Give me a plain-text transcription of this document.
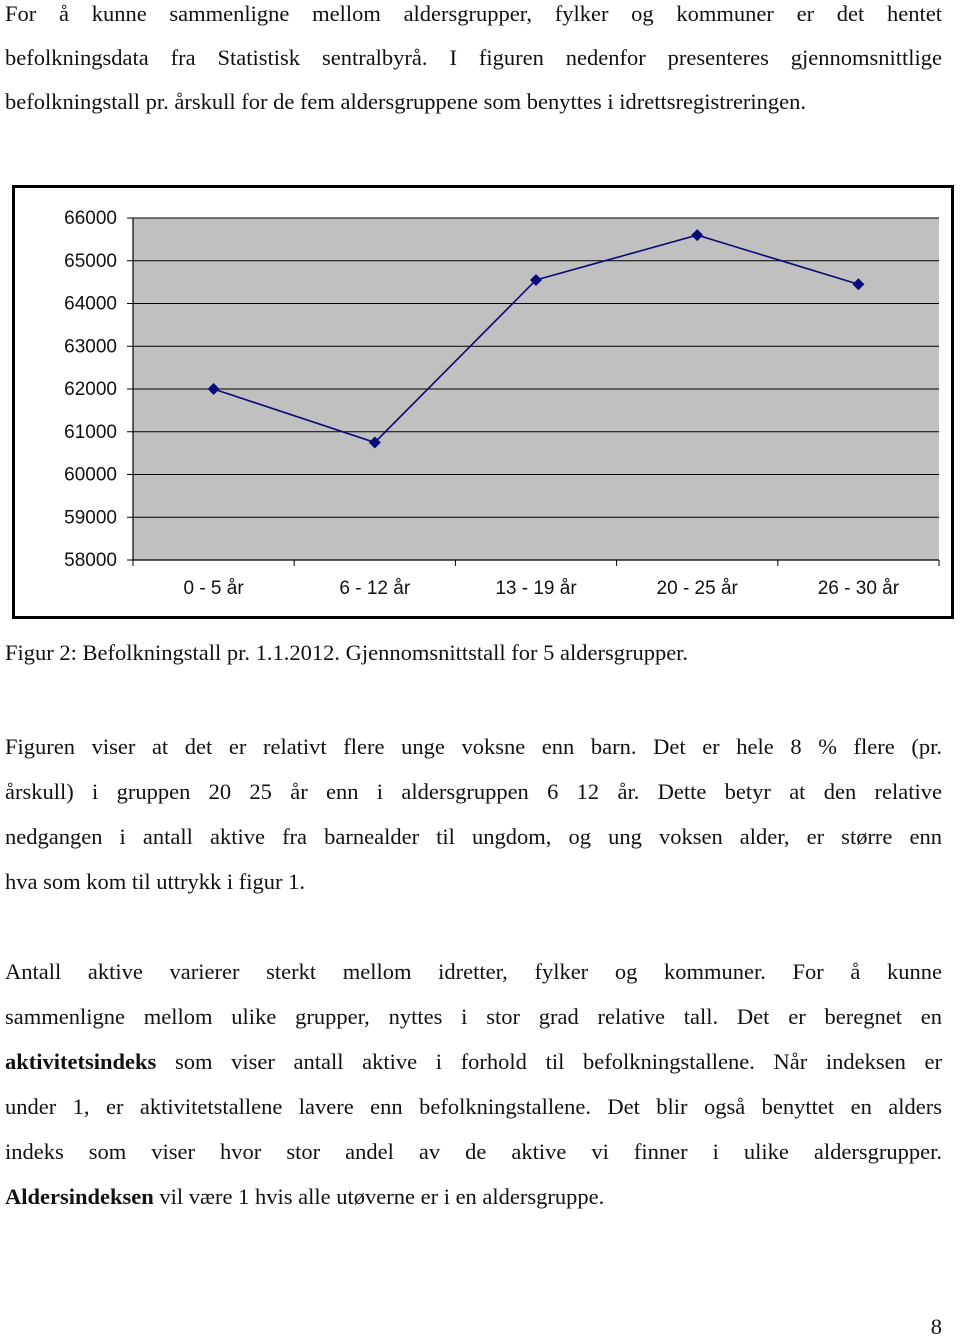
For å kunne sammenligne mellom aldersgrupper, fylker og kommuner er det hentet
befolkningsdata fra Statistisk sentralbyrå. I figuren nedenfor presenteres gjennomsnittlige
befolkningstall pr. årskull for de fem aldersgruppene som benyttes i idrettsregistreringen.

66000
65000
64000
63000
62000
61000
60000
59000
58000
0 - 5 år	6 - 12 år	13 - 19 år	20 - 25 år	26 - 30 år

Figur 2: Befolkningstall pr. 1.1.2012. Gjennomsnittstall for 5 aldersgrupper.

Figuren viser at det er relativt flere unge voksne enn barn. Det er hele 8 % flere (pr.
årskull) i gruppen 20 25 år enn i aldersgruppen 6 12 år. Dette betyr at den relative
nedgangen i antall aktive fra barnealder til ungdom, og ung voksen alder, er større enn
hva som kom til uttrykk i figur 1.

Antall aktive varierer sterkt mellom idretter, fylker og kommuner. For å kunne
sammenligne mellom ulike grupper, nyttes i stor grad relative tall. Det er beregnet en
aktivitetsindeks som viser antall aktive i forhold til befolkningstallene. Når indeksen er
under 1, er aktivitetstallene lavere enn befolkningstallene. Det blir også benyttet en alders
indeks som viser hvor stor andel av de aktive vi finner i ulike aldersgrupper.
Aldersindeksen vil være 1 hvis alle utøverne er i en aldersgruppe.

8
